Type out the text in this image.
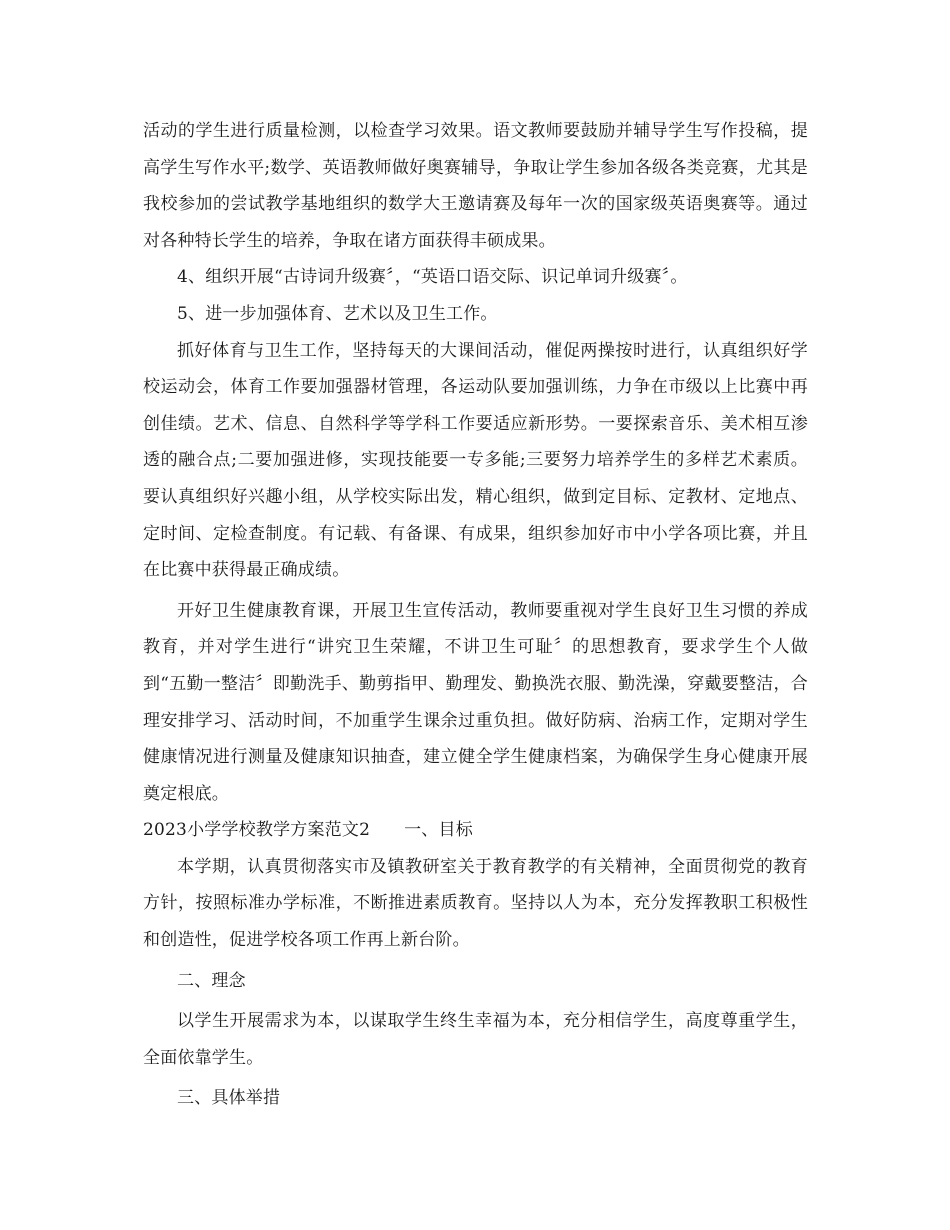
活动的学生进行质量检测，以检查学习效果。语文教师要鼓励并辅导学生写作投稿，提高学生写作水平;数学、英语教师做好奥赛辅导，争取让学生参加各级各类竞赛，尤其是我校参加的尝试教学基地组织的数学大王邀请赛及每年一次的国家级英语奥赛等。通过对各种特长学生的培养，争取在诸方面获得丰硕成果。

4、组织开展“古诗词升级赛〞，“英语口语交际、识记单词升级赛〞。

5、进一步加强体育、艺术以及卫生工作。

抓好体育与卫生工作，坚持每天的大课间活动，催促两操按时进行，认真组织好学校运动会，体育工作要加强器材管理，各运动队要加强训练，力争在市级以上比赛中再创佳绩。艺术、信息、自然科学等学科工作要适应新形势。一要探索音乐、美术相互渗透的融合点;二要加强进修，实现技能要一专多能;三要努力培养学生的多样艺术素质。要认真组织好兴趣小组，从学校实际出发，精心组织，做到定目标、定教材、定地点、定时间、定检查制度。有记载、有备课、有成果，组织参加好市中小学各项比赛，并且在比赛中获得最正确成绩。

开好卫生健康教育课，开展卫生宣传活动，教师要重视对学生良好卫生习惯的养成教育，并对学生进行“讲究卫生荣耀，不讲卫生可耻〞的思想教育，要求学生个人做到“五勤一整洁〞即勤洗手、勤剪指甲、勤理发、勤换洗衣服、勤洗澡，穿戴要整洁，合理安排学习、活动时间，不加重学生课余过重负担。做好防病、治病工作，定期对学生健康情况进行测量及健康知识抽查，建立健全学生健康档案，为确保学生身心健康开展奠定根底。

2023小学学校教学方案范文2 一、目标

本学期，认真贯彻落实市及镇教研室关于教育教学的有关精神，全面贯彻党的教育方针，按照标准办学标准，不断推进素质教育。坚持以人为本，充分发挥教职工积极性和创造性，促进学校各项工作再上新台阶。

二、理念

以学生开展需求为本，以谋取学生终生幸福为本，充分相信学生，高度尊重学生，全面依靠学生。

三、具体举措
